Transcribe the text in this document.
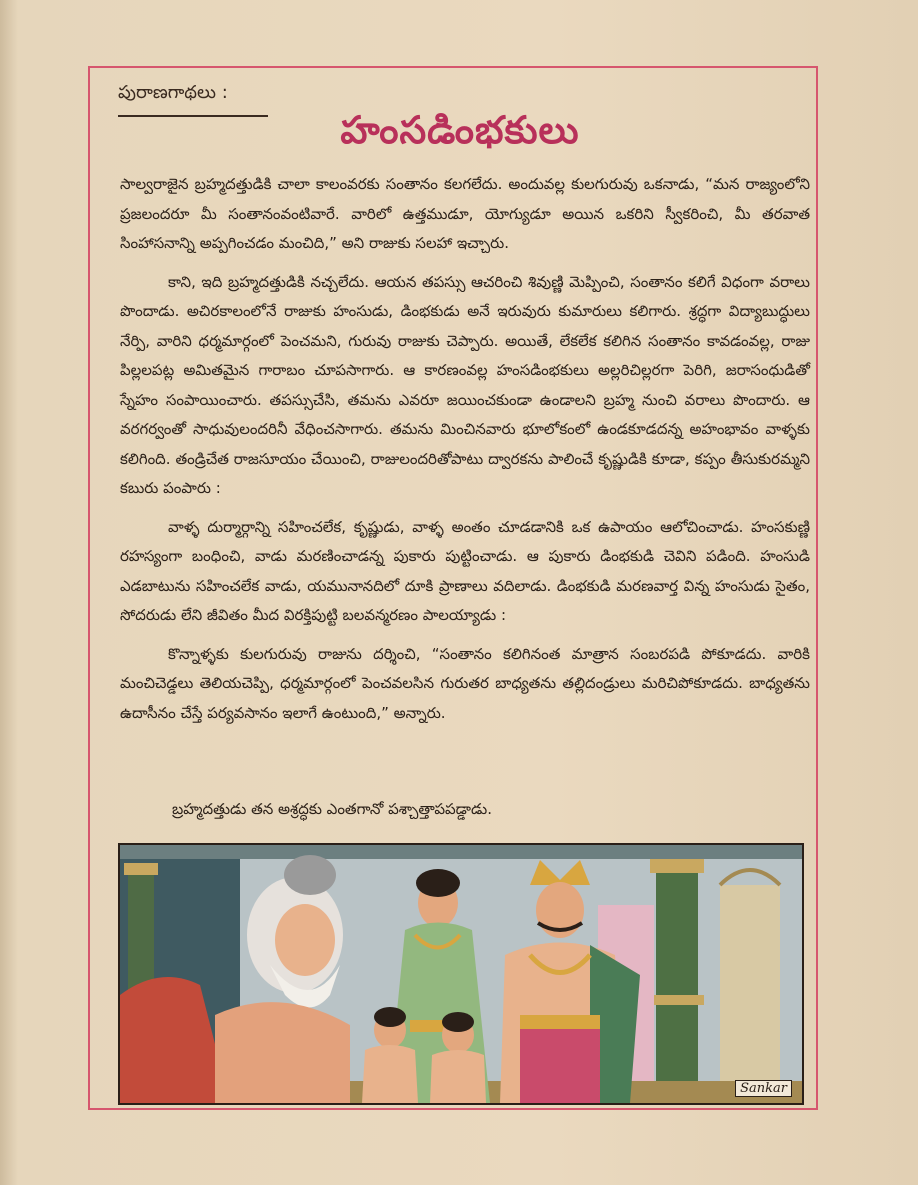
పురాణగాథలు :
హంసడింభకులు

సాల్వరాజైన బ్రహ్మదత్తుడికి చాలా కాలంవరకు సంతానం కలగలేదు. అందువల్ల కులగురువు ఒకనాడు, “మన రాజ్యంలోని ప్రజలందరూ మీ సంతానంవంటివారే. వారిలో ఉత్తముడూ, యోగ్యుడూ అయిన ఒకరిని స్వీకరించి, మీ తరవాత సింహాసనాన్ని అప్పగించడం మంచిది,” అని రాజుకు సలహా ఇచ్చారు.

కాని, ఇది బ్రహ్మదత్తుడికి నచ్చలేదు. ఆయన తపస్సు ఆచరించి శివుణ్ణి మెప్పించి, సంతానం కలిగే విధంగా వరాలు పొందాడు. అచిరకాలంలోనే రాజుకు హంసుడు, డింభకుడు అనే ఇరువురు కుమారులు కలిగారు. శ్రద్ధగా విద్యాబుద్ధులు నేర్పి, వారిని ధర్మమార్గంలో పెంచమని, గురువు రాజుకు చెప్పారు. అయితే, లేకలేక కలిగిన సంతానం కావడంవల్ల, రాజు పిల్లలపట్ల అమితమైన గారాబం చూపసాగారు. ఆ కారణంవల్ల హంసడింభకులు అల్లరిచిల్లరగా పెరిగి, జరాసంధుడితో స్నేహం సంపాయించారు. తపస్సుచేసి, తమను ఎవరూ జయించకుండా ఉండాలని బ్రహ్మ నుంచి వరాలు పొందారు. ఆ వరగర్వంతో సాధువులందరినీ వేధించసాగారు. తమను మించినవారు భూలోకంలో ఉండకూడదన్న అహంభావం వాళ్ళకు కలిగింది. తండ్రిచేత రాజసూయం చేయించి, రాజులందరితోపాటు ద్వారకను పాలించే కృష్ణుడికి కూడా, కప్పం తీసుకురమ్మని కబురు పంపారు :

వాళ్ళ దుర్మార్గాన్ని సహించలేక, కృష్ణుడు, వాళ్ళ అంతం చూడడానికి ఒక ఉపాయం ఆలోచించాడు. హంసకుణ్ణి రహస్యంగా బంధించి, వాడు మరణించాడన్న పుకారు పుట్టించాడు. ఆ పుకారు డింభకుడి చెవిని పడింది. హంసుడి ఎడబాటును సహించలేక వాడు, యమునానదిలో దూకి ప్రాణాలు వదిలాడు. డింభకుడి మరణవార్త విన్న హంసుడు సైతం, సోదరుడు లేని జీవితం మీద విరక్తిపుట్టి బలవన్మరణం పాలయ్యాడు :

కొన్నాళ్ళకు కులగురువు రాజును దర్శించి, “సంతానం కలిగినంత మాత్రాన సంబరపడి పోకూడదు. వారికి మంచిచెడ్డలు తెలియచెప్పి, ధర్మమార్గంలో పెంచవలసిన గురుతర బాధ్యతను తల్లిదండ్రులు మరిచిపోకూడదు. బాధ్యతను ఉదాసీనం చేస్తే పర్యవసానం ఇలాగే ఉంటుంది,” అన్నారు.

బ్రహ్మదత్తుడు తన అశ్రద్ధకు ఎంతగానో పశ్చాత్తాపపడ్డాడు.
Sankar
